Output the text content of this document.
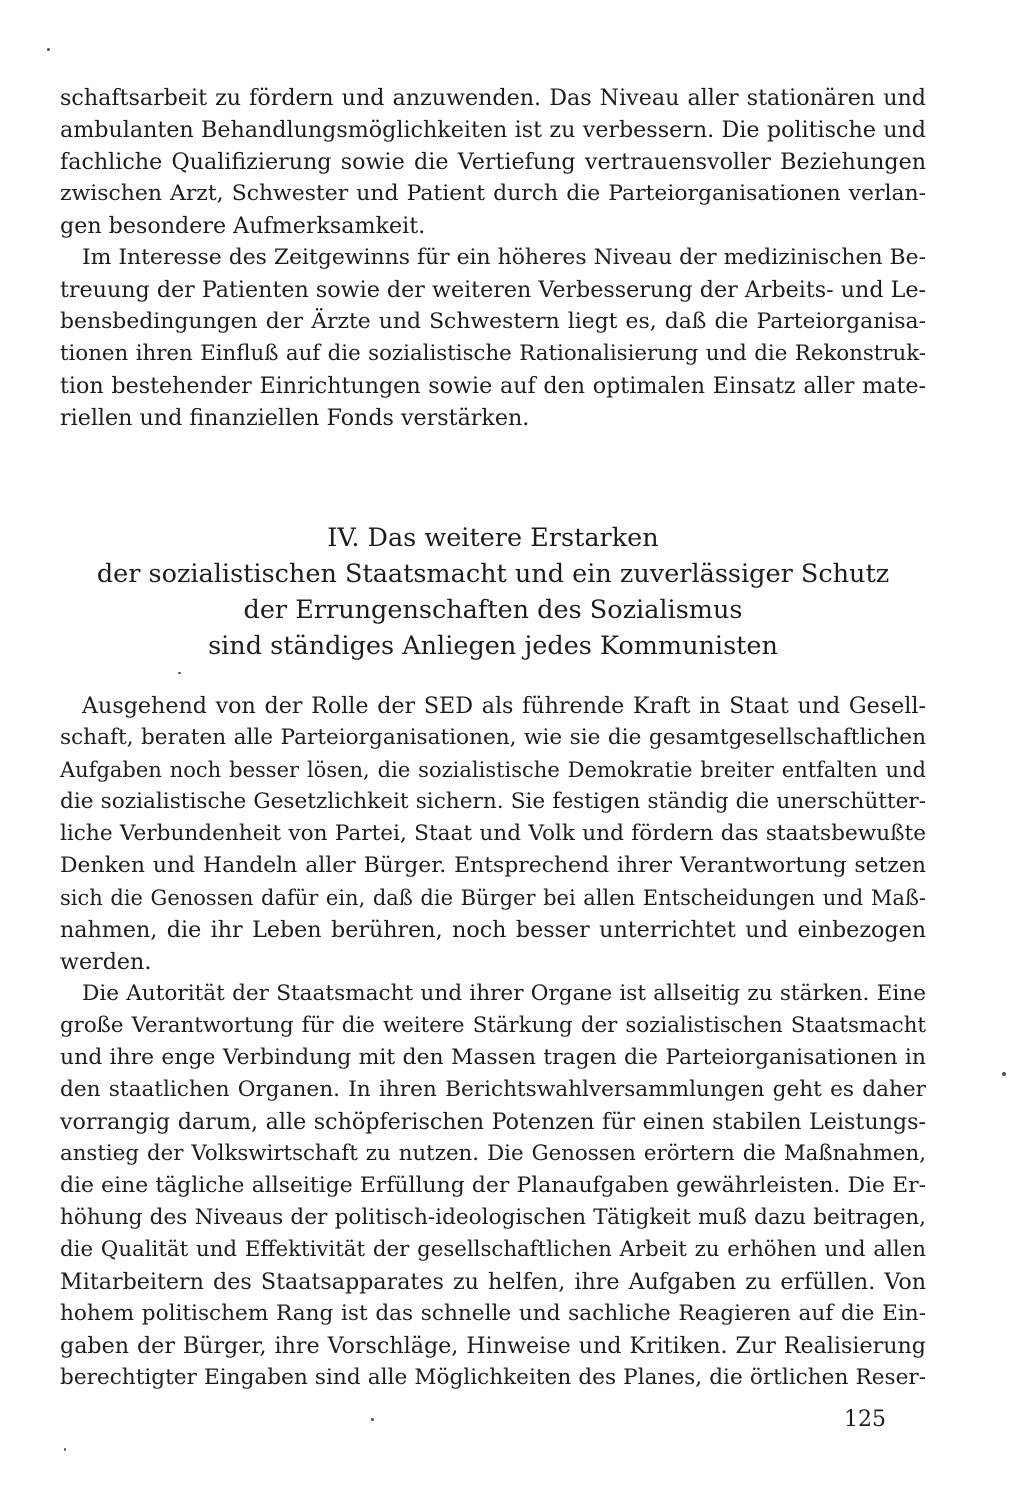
schaftsarbeit zu fördern und anzuwenden. Das Niveau aller stationären und
ambulanten Behandlungsmöglichkeiten ist zu verbessern. Die politische und
fachliche Qualifizierung sowie die Vertiefung vertrauensvoller Beziehungen
zwischen Arzt, Schwester und Patient durch die Parteiorganisationen verlan-
gen besondere Aufmerksamkeit.
Im Interesse des Zeitgewinns für ein höheres Niveau der medizinischen Be-
treuung der Patienten sowie der weiteren Verbesserung der Arbeits- und Le-
bensbedingungen der Ärzte und Schwestern liegt es, daß die Parteiorganisa-
tionen ihren Einfluß auf die sozialistische Rationalisierung und die Rekonstruk-
tion bestehender Einrichtungen sowie auf den optimalen Einsatz aller mate-
riellen und finanziellen Fonds verstärken.
IV. Das weitere Erstarken
der sozialistischen Staatsmacht und ein zuverlässiger Schutz
der Errungenschaften des Sozialismus
sind ständiges Anliegen jedes Kommunisten
Ausgehend von der Rolle der SED als führende Kraft in Staat und Gesell-
schaft, beraten alle Parteiorganisationen, wie sie die gesamtgesellschaftlichen
Aufgaben noch besser lösen, die sozialistische Demokratie breiter entfalten und
die sozialistische Gesetzlichkeit sichern. Sie festigen ständig die unerschütter-
liche Verbundenheit von Partei, Staat und Volk und fördern das staatsbewußte
Denken und Handeln aller Bürger. Entsprechend ihrer Verantwortung setzen
sich die Genossen dafür ein, daß die Bürger bei allen Entscheidungen und Maß-
nahmen, die ihr Leben berühren, noch besser unterrichtet und einbezogen
werden.
Die Autorität der Staatsmacht und ihrer Organe ist allseitig zu stärken. Eine
große Verantwortung für die weitere Stärkung der sozialistischen Staatsmacht
und ihre enge Verbindung mit den Massen tragen die Parteiorganisationen in
den staatlichen Organen. In ihren Berichtswahlversammlungen geht es daher
vorrangig darum, alle schöpferischen Potenzen für einen stabilen Leistungs-
anstieg der Volkswirtschaft zu nutzen. Die Genossen erörtern die Maßnahmen,
die eine tägliche allseitige Erfüllung der Planaufgaben gewährleisten. Die Er-
höhung des Niveaus der politisch-ideologischen Tätigkeit muß dazu beitragen,
die Qualität und Effektivität der gesellschaftlichen Arbeit zu erhöhen und allen
Mitarbeitern des Staatsapparates zu helfen, ihre Aufgaben zu erfüllen. Von
hohem politischem Rang ist das schnelle und sachliche Reagieren auf die Ein-
gaben der Bürger, ihre Vorschläge, Hinweise und Kritiken. Zur Realisierung
berechtigter Eingaben sind alle Möglichkeiten des Planes, die örtlichen Reser-
125
